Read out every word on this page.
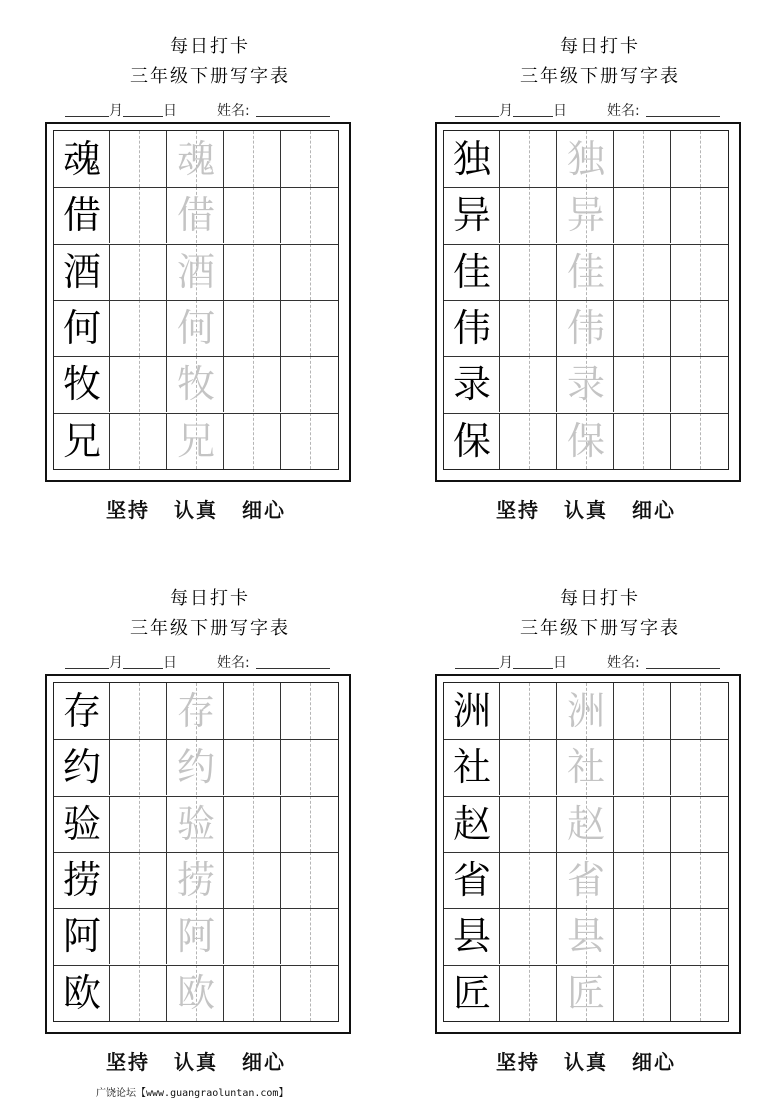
每日打卡
三年级下册写字表
月	日	姓名:
魂 魂
借 借
酒 酒
何 何
牧 牧
兄 兄
坚持 认真 细心
每日打卡
三年级下册写字表
月	日	姓名:
独 独
异 异
佳 佳
伟 伟
录 录
保 保
坚持 认真 细心
每日打卡
三年级下册写字表
月	日	姓名:
存 存
约 约
验 验
捞 捞
阿 阿
欧 欧
坚持 认真 细心
每日打卡
三年级下册写字表
月	日	姓名:
洲 洲
社 社
赵 赵
省 省
县 县
匠 匠
坚持 认真 细心
广饶论坛【www.guangraoluntan.com】
